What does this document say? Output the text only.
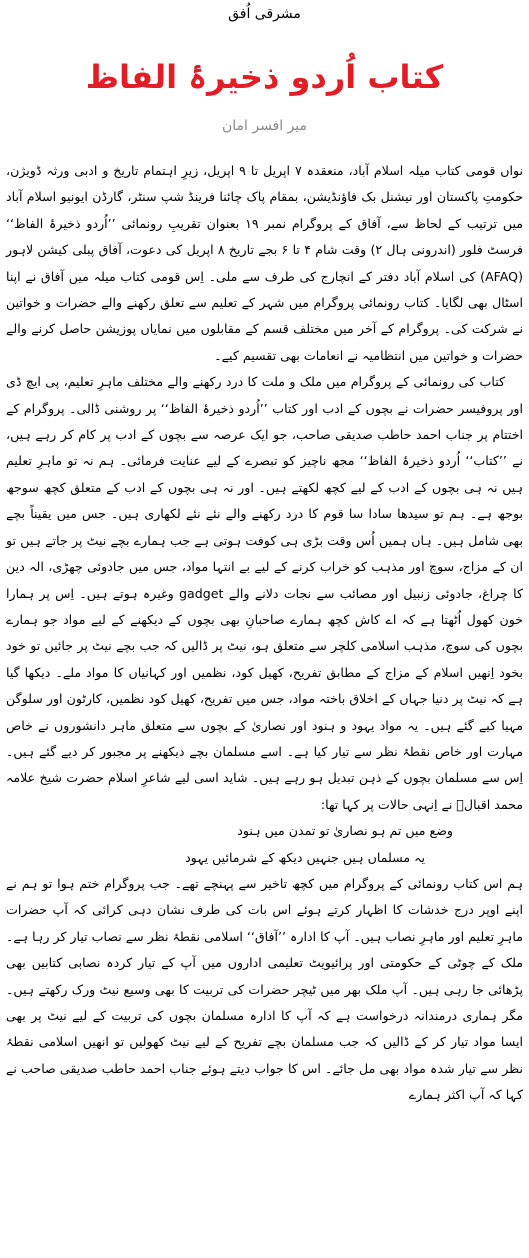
مشرقی اُفق
کتاب اُردو ذخیرۂ الفاظ
میر افسر امان

نواں قومی کتاب میلہ اسلام آباد، منعقدہ ۷ اپریل تا ۹ اپریل، زیرِ اہتمام تاریخ و ادبی ورثہ ڈویژن، حکومتِ پاکستان اور نیشنل بک فاؤنڈیشن، بمقام پاک چائنا فرینڈ شپ سنٹر، گارڈن ایونیو اسلام آباد میں ترتیب کے لحاظ سے، آفاق کے پروگرام نمبر ۱۹ بعنوان تقریبِ رونمائی ’’اُردو ذخیرۂ الفاظ‘‘ فرسٹ فلور (اندرونی ہال ۲) وقت شام ۴ تا ۶ بجے تاریخ ۸ اپریل کی دعوت، آفاق پبلی کیشن لاہور (AFAQ) کی اسلام آباد دفتر کے انچارج کی طرف سے ملی۔ اِس قومی کتاب میلہ میں آفاق نے اپنا اسٹال بھی لگایا۔ کتاب رونمائی پروگرام میں شہر کے تعلیم سے تعلق رکھنے والے حضرات و خواتین نے شرکت کی۔ پروگرام کے آخر میں مختلف قسم کے مقابلوں میں نمایاں پوزیشن حاصل کرنے والے حضرات و خواتین میں انتظامیہ نے انعامات بھی تقسیم کیے۔

کتاب کی رونمائی کے پروگرام میں ملک و ملت کا درد رکھنے والے مختلف ماہرِ تعلیم، پی ایچ ڈی اور پروفیسر حضرات نے بچوں کے ادب اور کتاب ’’اُردو ذخیرۂ الفاظ‘‘ پر روشنی ڈالی۔ پروگرام کے اختتام پر جناب احمد حاطب صدیقی صاحب، جو ایک عرصہ سے بچوں کے ادب پر کام کر رہے ہیں، نے ’’کتاب‘‘ اُردو ذخیرۂ الفاظ‘‘ مجھ ناچیز کو تبصرے کے لیے عنایت فرمائی۔ ہم نہ تو ماہرِ تعلیم ہیں نہ ہی بچوں کے ادب کے لیے کچھ لکھتے ہیں۔ اور نہ ہی بچوں کے ادب کے متعلق کچھ سوجھ بوجھ ہے۔ ہم تو سیدھا سادا سا قوم کا درد رکھنے والے نئے نئے لکھاری ہیں۔ جس میں یقیناً بچے بھی شامل ہیں۔ ہاں ہمیں اُس وقت بڑی ہی کوفت ہوتی ہے جب ہمارے بچے نیٹ پر جاتے ہیں تو ان کے مزاج، سوچ اور مذہب کو خراب کرنے کے لیے بے انتہا مواد، جس میں جادوئی چھڑی، الہ دین کا چراغ، جادوئی زنبیل اور مصائب سے نجات دلانے والے gadget وغیرہ ہوتے ہیں۔ اِس پر ہمارا خون کھول اُٹھتا ہے کہ اے کاش کچھ ہمارے صاحبانِ بھی بچوں کے دیکھنے کے لیے مواد جو ہمارے بچوں کی سوچ، مذہب اسلامی کلچر سے متعلق ہو، نیٹ پر ڈالیں کہ جب بچے نیٹ پر جائیں تو خود بخود اِنھیں اسلام کے مزاج کے مطابق تفریح، کھیل کود، نظمیں اور کہانیاں کا مواد ملے۔ دیکھا گیا ہے کہ نیٹ پر دنیا جہاں کے اخلاق باختہ مواد، جس میں تفریح، کھیل کود نظمیں، کارٹون اور سلوگن مہیا کیے گئے ہیں۔ یہ مواد یہود و ہنود اور نصاریٰ کے بچوں سے متعلق ماہر دانشوروں نے خاص مہارت اور خاص نقطۂ نظر سے تیار کیا ہے۔ اسے مسلمان بچے دیکھنے پر مجبور کر دیے گئے ہیں۔ اِس سے مسلمان بچوں کے ذہن تبدیل ہو رہے ہیں۔ شاید اسی لیے شاعرِ اسلام حضرت شیخ علامہ محمد اقبالؒ نے اِنہی حالات پر کہا تھا:

وضع میں تم ہو نصاریٰ تو تمدن میں ہنود
یہ مسلماں ہیں جنہیں دیکھ کے شرمائیں یہود

ہم اس کتاب رونمائی کے پروگرام میں کچھ تاخیر سے پہنچے تھے۔ جب پروگرام ختم ہوا تو ہم نے اپنے اوپر درج خدشات کا اظہار کرتے ہوئے اس بات کی طرف نشان دہی کرائی کہ آپ حضرات ماہرِ تعلیم اور ماہرِ نصاب ہیں۔ آپ کا ادارہ ’’آفاق‘‘ اسلامی نقطۂ نظر سے نصاب تیار کر رہا ہے۔ ملک کے چوٹی کے حکومتی اور پرائیویٹ تعلیمی اداروں میں آپ کے تیار کردہ نصابی کتابیں بھی پڑھائی جا رہی ہیں۔ آپ ملک بھر میں ٹیچر حضرات کی تربیت کا بھی وسیع نیٹ ورک رکھتے ہیں۔ مگر ہماری درمندانہ درخواست ہے کہ آپ کا ادارہ مسلمان بچوں کی تربیت کے لیے نیٹ پر بھی ایسا مواد تیار کر کے ڈالیں کہ جب مسلمان بچے تفریح کے لیے نیٹ کھولیں تو انھیں اسلامی نقطۂ نظر سے تیار شدہ مواد بھی مل جائے۔ اس کا جواب دیتے ہوئے جناب احمد حاطب صدیقی صاحب نے کہا کہ آپ اکثر ہمارے
